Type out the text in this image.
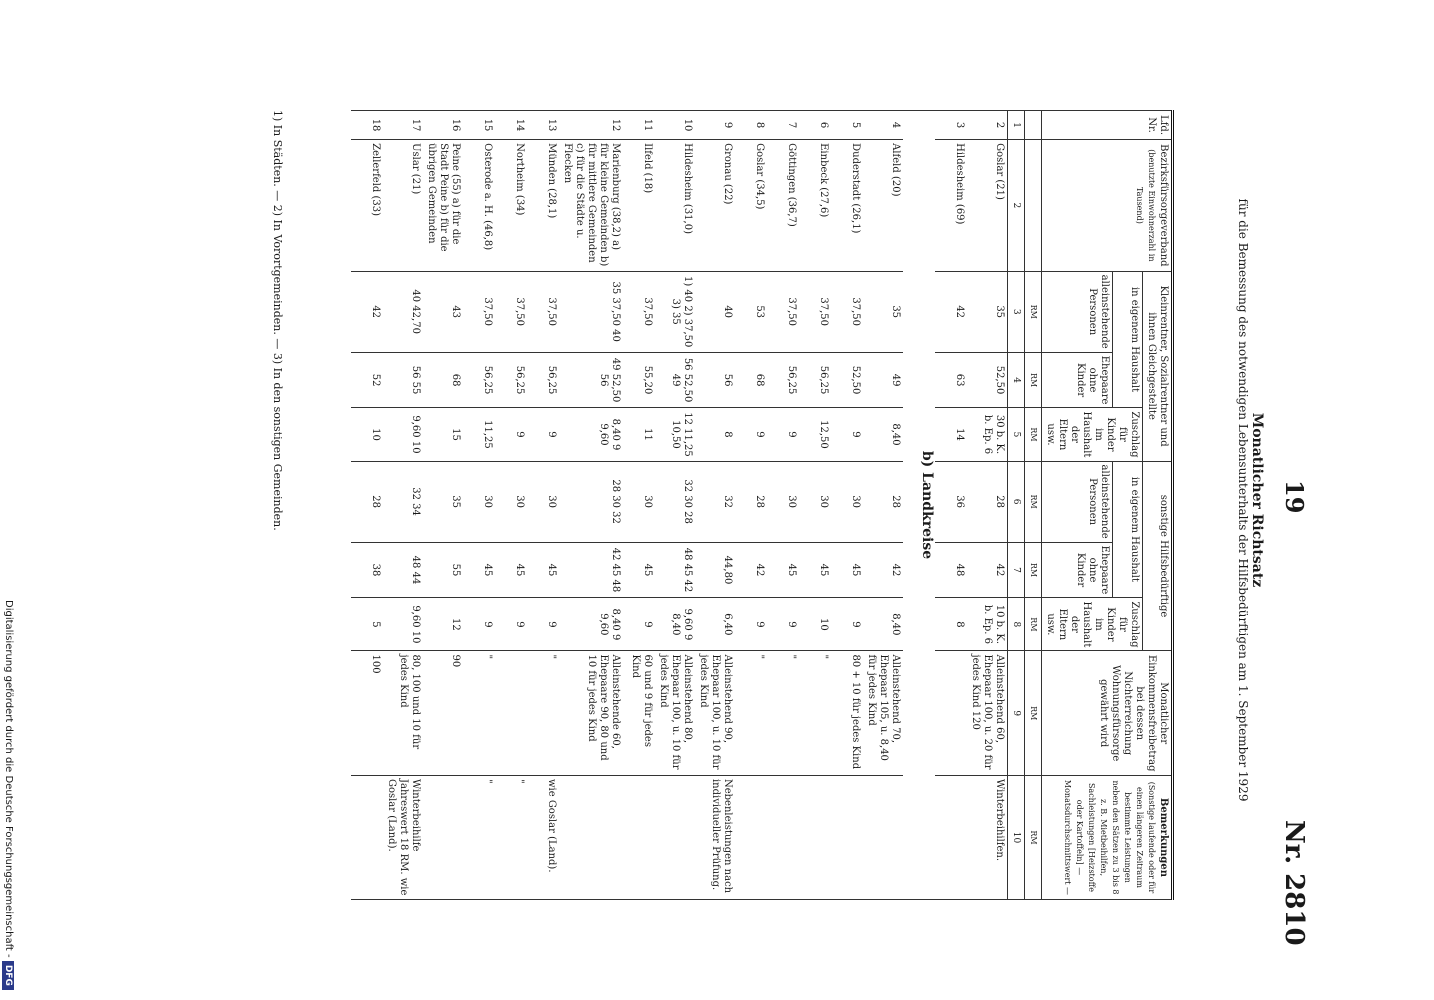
19
Nr. 2810
Monatlicher Richtsatz
für die Bemessung des notwendigen Lebensunterhalts der Hilfsbedürftigen am 1. September 1929
Lfd. Nr.	Bezirksfürsorgeverband
(benutzte Einwohnerzahl in Tausend)	Kleinrentner, Sozialrentner und ihnen Gleichgestellte			sonstige Hilfsbedürftige			Monatlicher Einkommensfreibetrag bei dessen Nichterreichung Wohnungsfürsorge gewährt wird	Bemerkungen
(Sonstige laufende oder für einen längeren Zeitraum bestimmte Leistungen neben den Sätzen zu 3 bis 8 z. B. Mietbeihilfen, Sachleistungen [Heizstoffe oder Kartoffeln] — Monatsdurchschnittswert —
		in eigenem Haushalt		Zuschlag für Kinder im Haushalt der Eltern usw.	in eigenem Haushalt		Zuschlag für Kinder im Haushalt der Eltern usw.		
		alleinstehende Personen	Ehepaare ohne Kinder		alleinstehende Personen	Ehepaare ohne Kinder			
		RM	RM	RM	RM	RM	RM	RM	RM
1	2	3	4	5	6	7	8	9	10
2	Goslar (21)	35	52,50	30 b. K. b. Ep. 6	28	42	10 b. K. b. Ep. 6	Alleinstehend 60, Ehepaar 100, u. 20 für jedes Kind 120	Winterbeihilfen.
3	Hildesheim (69)	42	63	14	36	48	8		
b) Landkreise									
4	Alfeld (20)	35	49	8,40	28	42	8,40	Alleinstehend 70, Ehepaar 105, u. 8,40 für jedes Kind	
5	Duderstadt (26,1)	37,50	52,50	9	30	45	9	80 + 10 für jedes Kind	
6	Einbeck (27,6)	37,50	56,25	12,50	30	45	10	"	
7	Göttingen (36,7)	37,50	56,25	9	30	45	9	"	
8	Goslar (34,5)	53	68	9	28	42	9	"	
9	Gronau (22)	40	56	8	32	44,80	6,40	Alleinstehend 90, Ehepaar 100, u. 10 für jedes Kind	Nebenleistungen nach individueller Prüfung.
10	Hildesheim (31,0)	1) 40 2) 37,50 3) 35	56 52,50 49	12 11,25 10,50	32 30 28	48 45 42	9,60 9 8,40	Alleinstehend 80, Ehepaar 100, u. 10 für jedes Kind	
11	Ilfeld (18)	37,50	55,20	11	30	45	9	60 und 9 für jedes Kind	
12	Marienburg (38,2) a) für kleine Gemeinden b) für mittlere Gemeinden c) für die Städte u. Flecken	35 37,50 40	49 52,50 56	8,40 9 9,60	28 30 32	42 45 48	8,40 9 9,60	Alleinstehende 60, Ehepaare 90, 80 und 10 für jedes Kind	
13	Münden (28,1)	37,50	56,25	9	30	45	9	"	wie Goslar (Land).
14	Northeim (34)	37,50	56,25	9	30	45	9		"
15	Osterode a. H. (46,8)	37,50	56,25	11,25	30	45	9	"	"
16	Peine (55) a) für die Stadt Peine b) für die übrigen Gemeinden	43	68	15	35	55	12	90	
17	Uslar (21)	40 42,70	56 55	9,60 10	32 34	48 44	9,60 10	80, 100 und 10 für jedes Kind	Winterbeihilfe Jahreswert 18 RM. wie Goslar (Land).
18	Zellerfeld (33)	42	52	10	28	38	5	100	
1) In Städten. — 2) In Vorortgemeinden. — 3) In den sonstigen Gemeinden.
Digitalisierung gefördert durch die Deutsche Forschungsgemeinschaft - DFG
